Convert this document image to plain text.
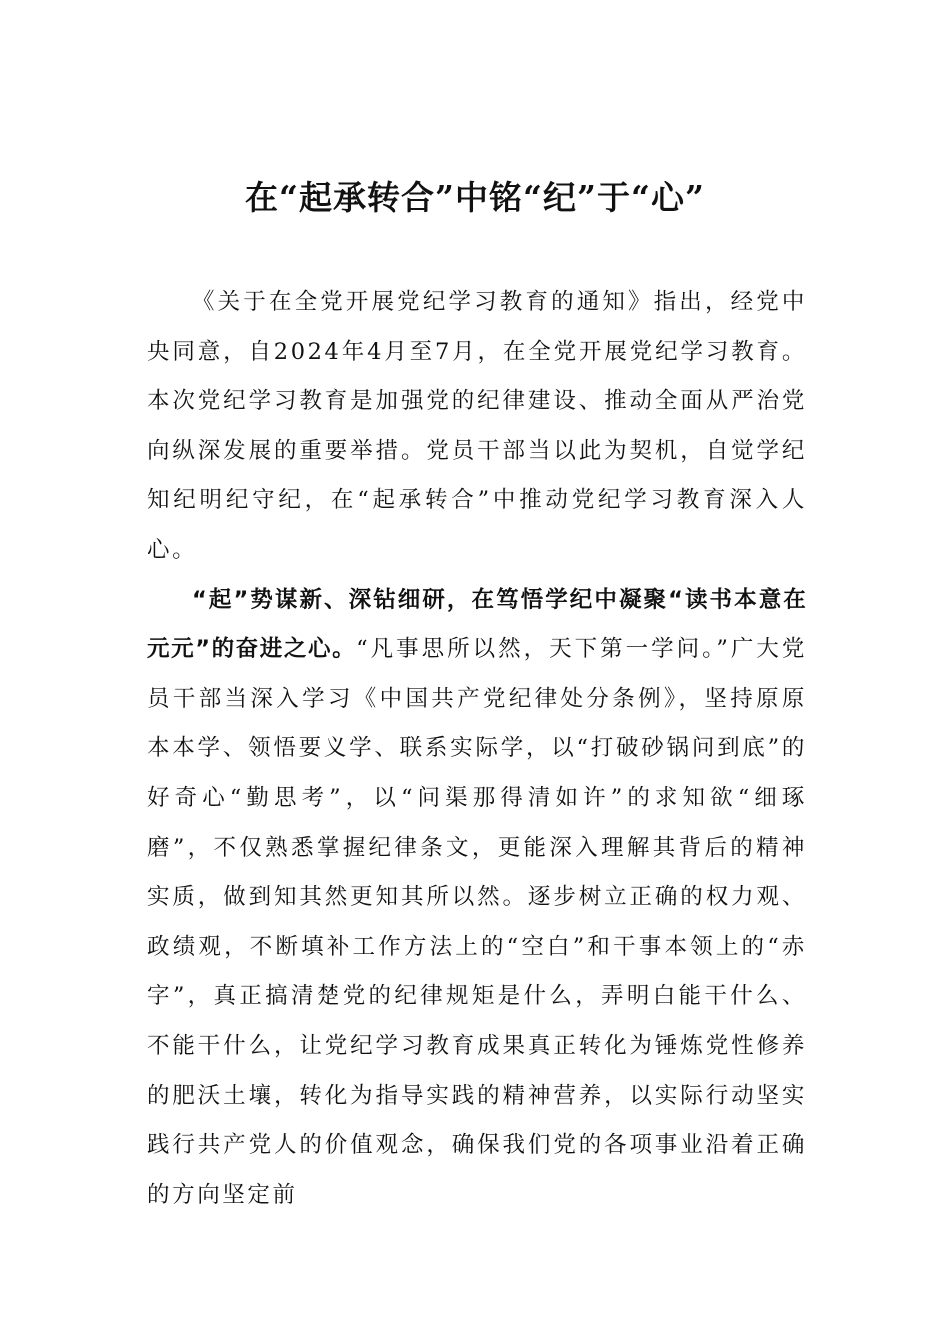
在“起承转合”中铭“纪”于“心”

《关于在全党开展党纪学习教育的通知》指出，经党中央同意，自2024年4月至7月，在全党开展党纪学习教育。本次党纪学习教育是加强党的纪律建设、推动全面从严治党向纵深发展的重要举措。党员干部当以此为契机，自觉学纪知纪明纪守纪，在“起承转合”中推动党纪学习教育深入人心。

“起”势谋新、深钻细研，在笃悟学纪中凝聚“读书本意在元元”的奋进之心。“凡事思所以然，天下第一学问。”广大党员干部当深入学习《中国共产党纪律处分条例》，坚持原原本本学、领悟要义学、联系实际学，以“打破砂锅问到底”的好奇心“勤思考”，以“问渠那得清如许”的求知欲“细琢磨”，不仅熟悉掌握纪律条文，更能深入理解其背后的精神实质，做到知其然更知其所以然。逐步树立正确的权力观、政绩观，不断填补工作方法上的“空白”和干事本领上的“赤字”，真正搞清楚党的纪律规矩是什么，弄明白能干什么、不能干什么，让党纪学习教育成果真正转化为锤炼党性修养的肥沃土壤，转化为指导实践的精神营养，以实际行动坚实践行共产党人的价值观念，确保我们党的各项事业沿着正确的方向坚定前
